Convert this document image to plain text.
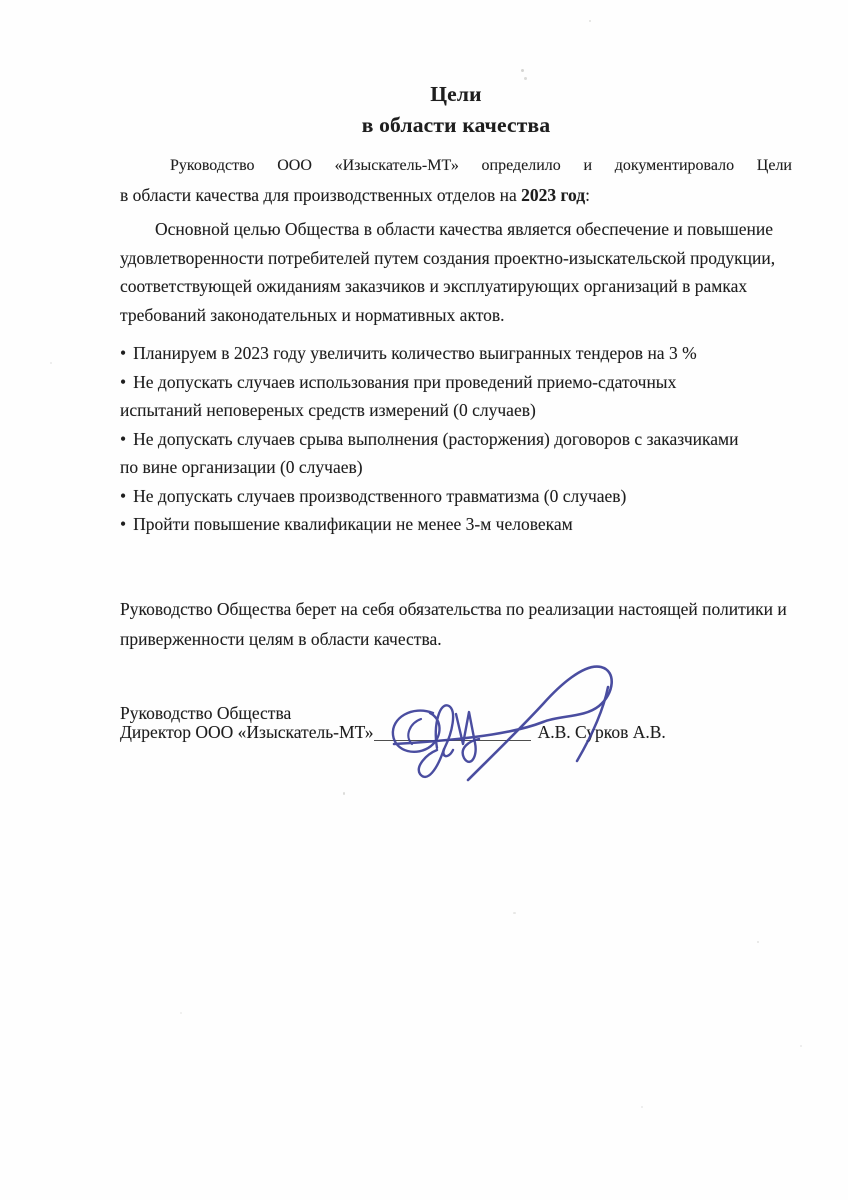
Цели
в области качества
Руководство ООО «Изыскатель-МТ» определило и документировало Цели
в области качества для производственных отделов на 2023 год:
Основной целью Общества в области качества является обеспечение и повышение
удовлетворенности потребителей путем создания проектно-изыскательской продукции,
соответствующей ожиданиям заказчиков и эксплуатирующих организаций в рамках
требований законодательных и нормативных актов.
• Планируем в 2023 году увеличить количество выигранных тендеров на 3 %
• Не допускать случаев использования при проведений приемо-сдаточных
испытаний неповереных средств измерений (0 случаев)
• Не допускать случаев срыва выполнения (расторжения) договоров с заказчиками
по вине организации (0 случаев)
• Не допускать случаев производственного травматизма (0 случаев)
• Пройти повышение квалификации не менее 3-м человекам
Руководство Общества берет на себя обязательства по реализации настоящей политики и
приверженности целям в области качества.
Руководство Общества
Директор ООО «Изыскатель-МТ»	А.В. Сурков А.В.
